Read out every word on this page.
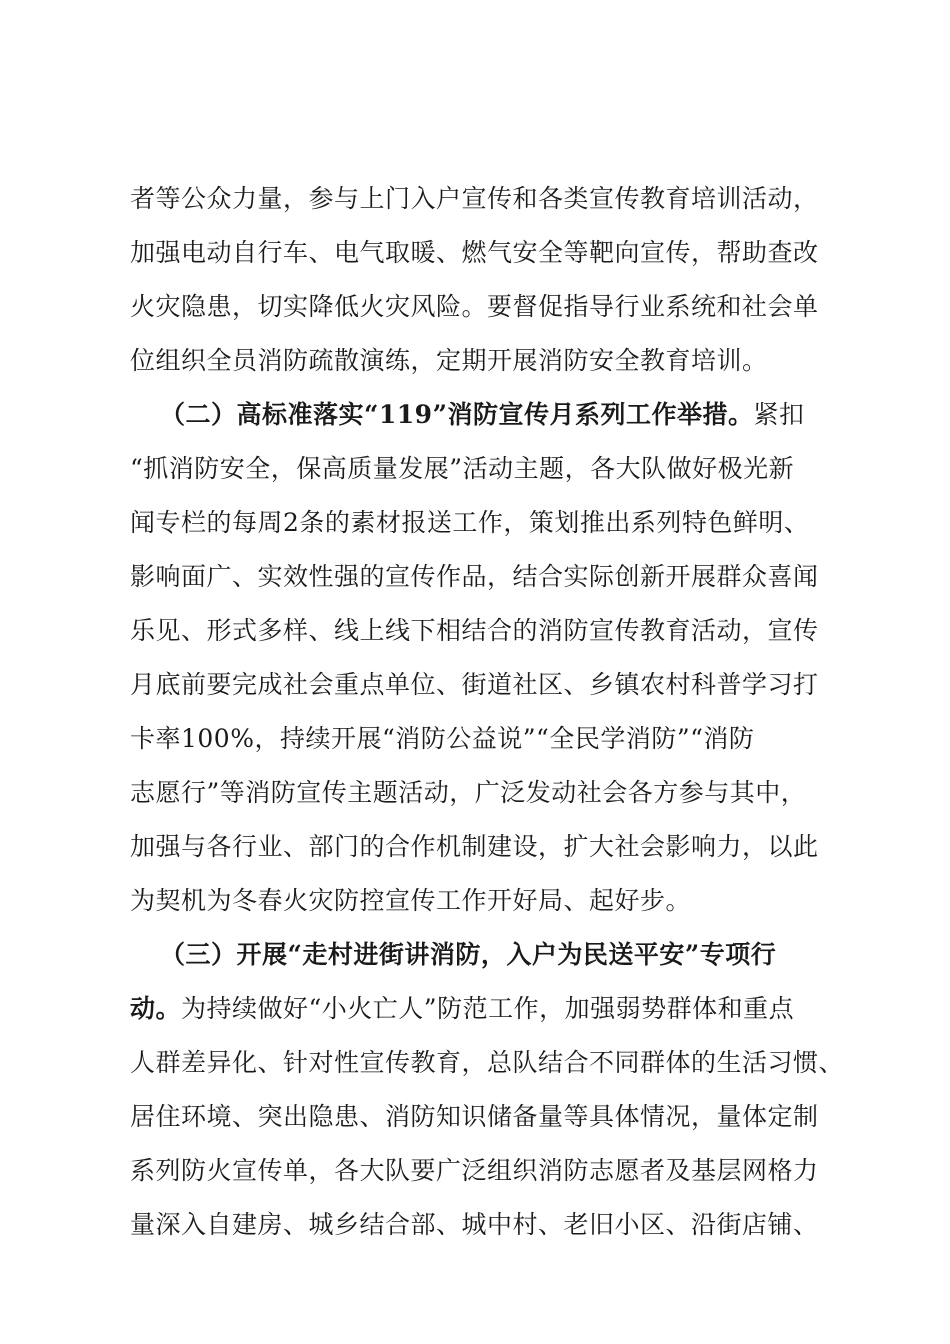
者等公众力量，参与上门入户宣传和各类宣传教育培训活动，
加强电动自行车、电气取暖、燃气安全等靶向宣传，帮助查改
火灾隐患，切实降低火灾风险。要督促指导行业系统和社会单
位组织全员消防疏散演练，定期开展消防安全教育培训。
（二）高标准落实“119”消防宣传月系列工作举措。紧扣
“抓消防安全，保高质量发展”活动主题，各大队做好极光新
闻专栏的每周2条的素材报送工作，策划推出系列特色鲜明、
影响面广、实效性强的宣传作品，结合实际创新开展群众喜闻
乐见、形式多样、线上线下相结合的消防宣传教育活动，宣传
月底前要完成社会重点单位、街道社区、乡镇农村科普学习打
卡率100%，持续开展“消防公益说”“全民学消防”“消防
志愿行”等消防宣传主题活动，广泛发动社会各方参与其中，
加强与各行业、部门的合作机制建设，扩大社会影响力，以此
为契机为冬春火灾防控宣传工作开好局、起好步。
（三）开展“走村进街讲消防，入户为民送平安”专项行
动。为持续做好“小火亡人”防范工作，加强弱势群体和重点
人群差异化、针对性宣传教育，总队结合不同群体的生活习惯、
居住环境、突出隐患、消防知识储备量等具体情况，量体定制
系列防火宣传单，各大队要广泛组织消防志愿者及基层网格力
量深入自建房、城乡结合部、城中村、老旧小区、沿街店铺、
